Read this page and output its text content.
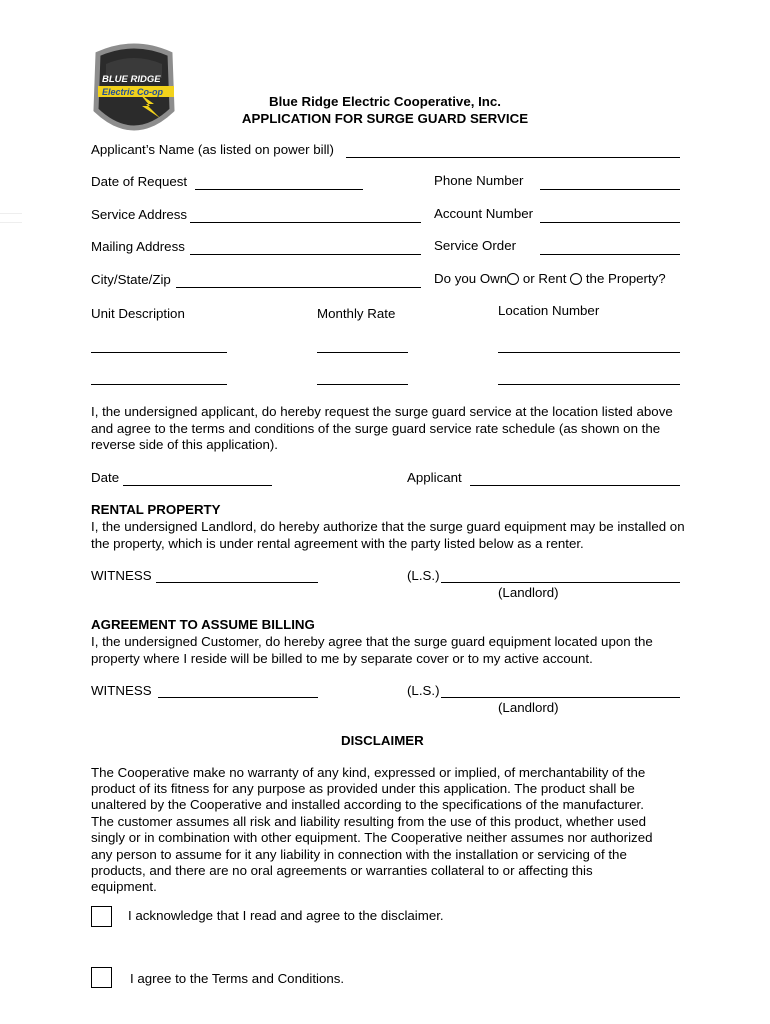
BLUE RIDGE
Electric Co-op
Blue Ridge Electric Cooperative, Inc.
APPLICATION FOR SURGE GUARD SERVICE
Applicant’s Name (as listed on power bill)
Date of Request	Phone Number
Service Address	Account Number
Mailing Address	Service Order
City/State/Zip	Do you Own or Rent  the Property?
Unit Description	Monthly Rate	Location Number
I, the undersigned applicant, do hereby request the surge guard service at the location listed above and agree to the terms and conditions of the surge guard service rate schedule (as shown on the reverse side of this application).
Date	Applicant
RENTAL PROPERTY
I, the undersigned Landlord, do hereby authorize that the surge guard equipment may be installed on the property, which is under rental agreement with the party listed below as a renter.
WITNESS	(L.S.)
(Landlord)
AGREEMENT TO ASSUME BILLING
I, the undersigned Customer, do hereby agree that the surge guard equipment located upon the property where I reside will be billed to me by separate cover or to my active account.
WITNESS	(L.S.)
(Landlord)
DISCLAIMER
The Cooperative make no warranty of any kind, expressed or implied, of merchantability of the
product of its fitness for any purpose as provided under this application. The product shall be
unaltered by the Cooperative and installed according to the specifications of the manufacturer.
The customer assumes all risk and liability resulting from the use of this product, whether used
singly or in combination with other equipment. The Cooperative neither assumes nor authorized
any person to assume for it any liability in connection with the installation or servicing of the
products, and there are no oral agreements or warranties collateral to or affecting this
equipment.
I acknowledge that I read and agree to the disclaimer.
I agree to the Terms and Conditions.
